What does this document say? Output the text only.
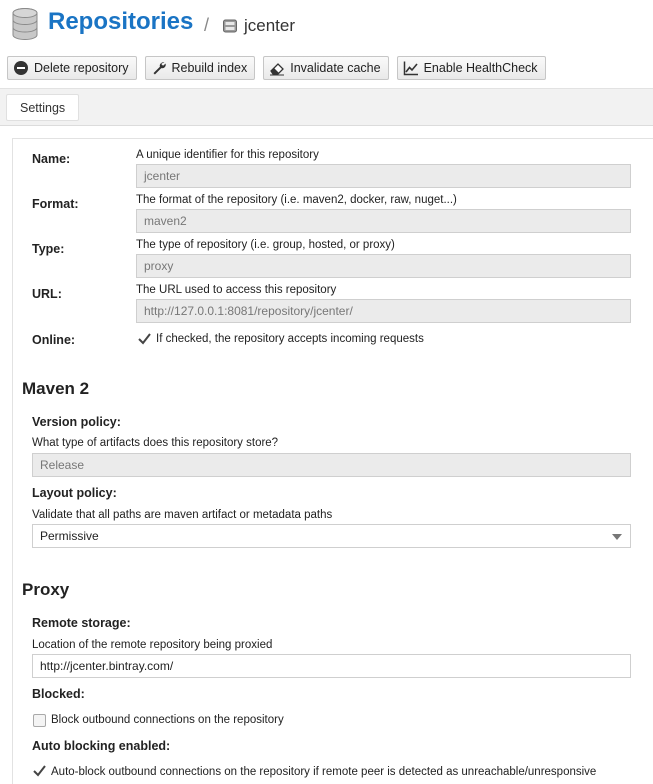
Repositories / jcenter
Delete repository	Rebuild index	Invalidate cache	Enable HealthCheck
Settings
Name:	A unique identifier for this repository
jcenter
Format:	The format of the repository (i.e. maven2, docker, raw, nuget...)
maven2
Type:	The type of repository (i.e. group, hosted, or proxy)
proxy
URL:	The URL used to access this repository
http://127.0.0.1:8081/repository/jcenter/
Online:	If checked, the repository accepts incoming requests
Maven 2
Version policy:
What type of artifacts does this repository store?
Release
Layout policy:
Validate that all paths are maven artifact or metadata paths
Permissive
Proxy
Remote storage:
Location of the remote repository being proxied
http://jcenter.bintray.com/
Blocked:
Block outbound connections on the repository
Auto blocking enabled:
Auto-block outbound connections on the repository if remote peer is detected as unreachable/unresponsive
